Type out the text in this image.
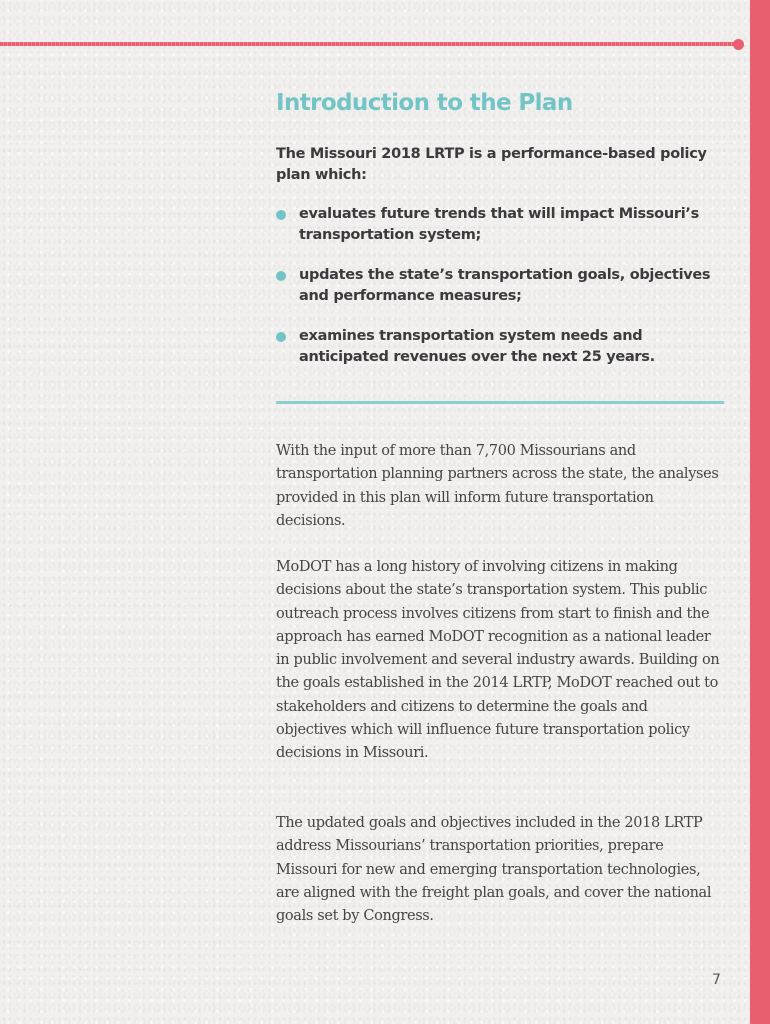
Introduction to the Plan

The Missouri 2018 LRTP is a performance-based policy plan which:

evaluates future trends that will impact Missouri’s transportation system;
updates the state’s transportation goals, objectives and performance measures;
examines transportation system needs and anticipated revenues over the next 25 years.

With the input of more than 7,700 Missourians and transportation planning partners across the state, the analyses provided in this plan will inform future transportation decisions.

MoDOT has a long history of involving citizens in making decisions about the state’s transportation system. This public outreach process involves citizens from start to finish and the approach has earned MoDOT recognition as a national leader in public involvement and several industry awards. Building on the goals established in the 2014 LRTP, MoDOT reached out to stakeholders and citizens to determine the goals and objectives which will influence future transportation policy decisions in Missouri.

The updated goals and objectives included in the 2018 LRTP address Missourians’ transportation priorities, prepare Missouri for new and emerging transportation technologies, are aligned with the freight plan goals, and cover the national goals set by Congress.

7
